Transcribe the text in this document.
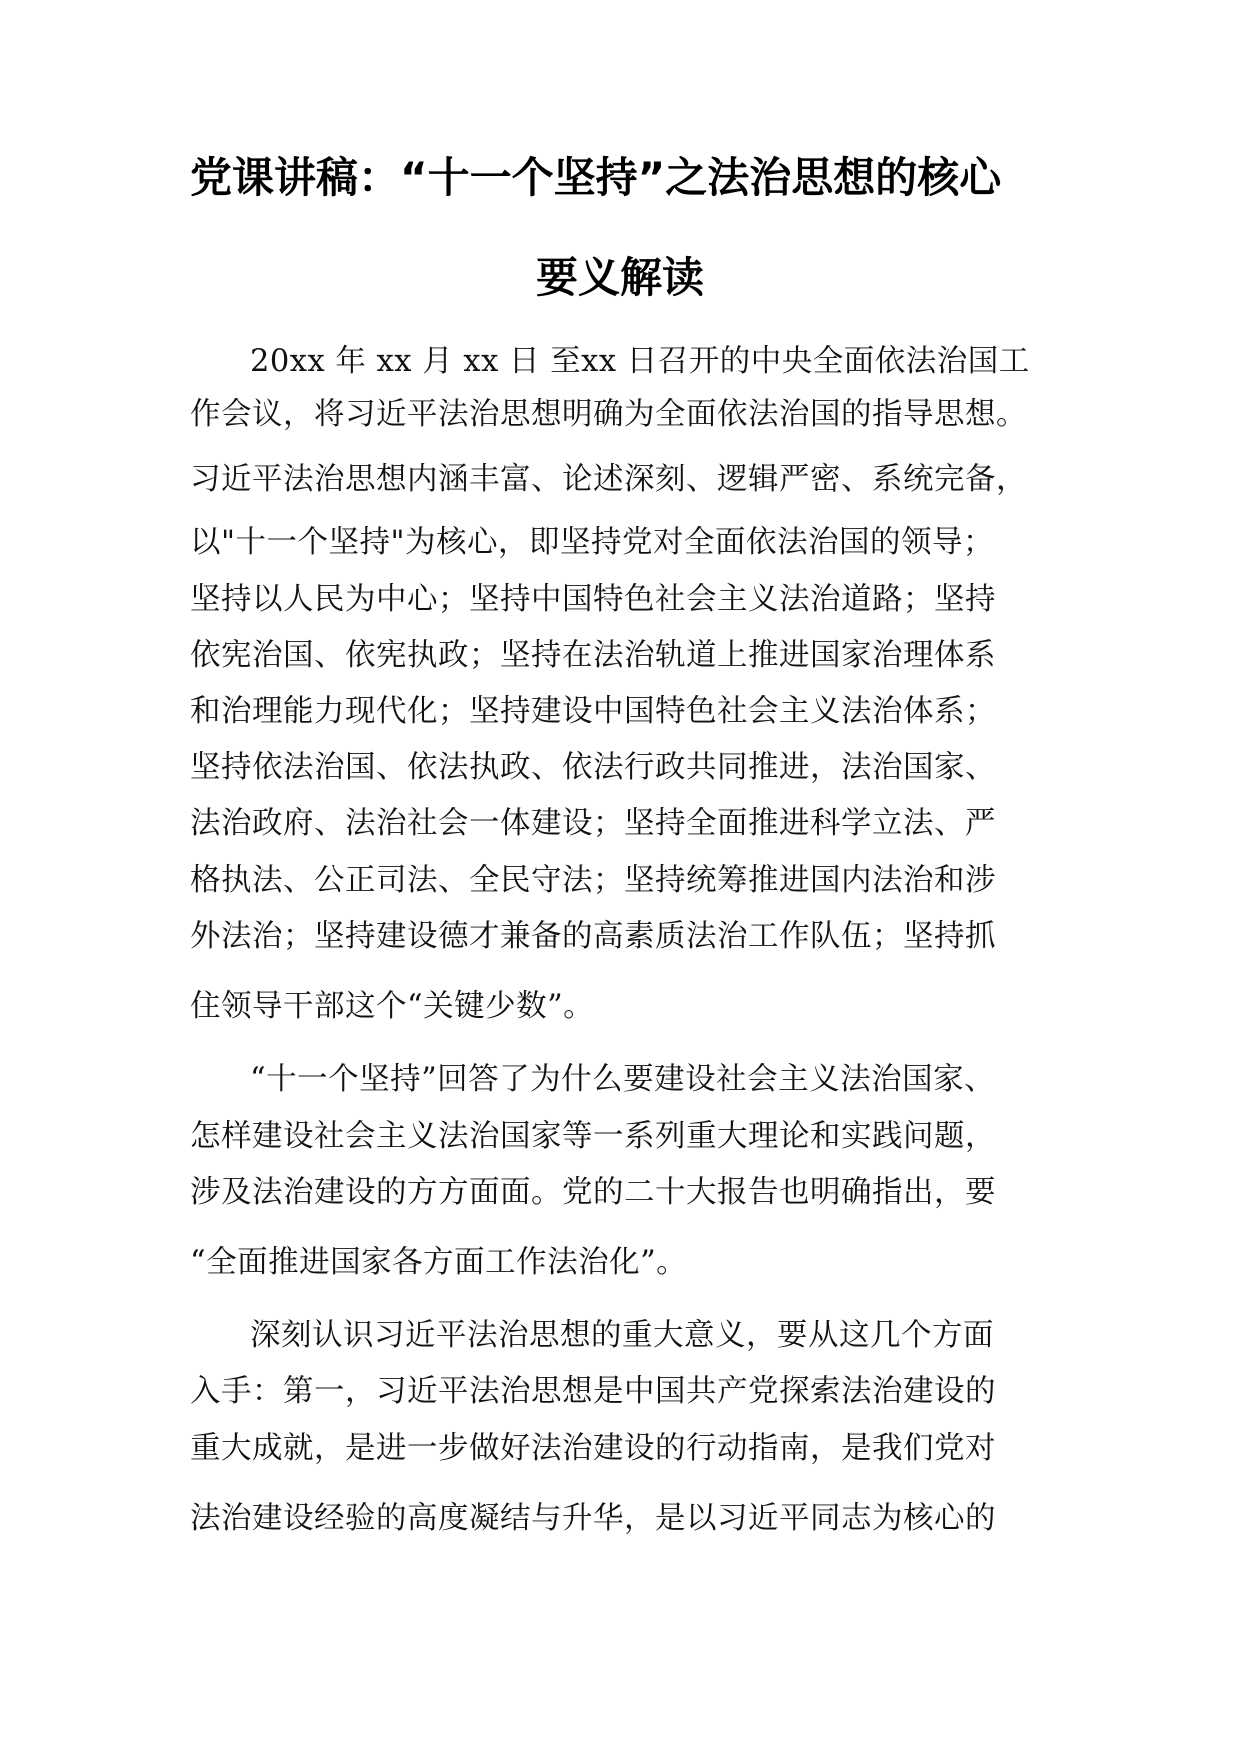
党课讲稿：“十一个坚持”之法治思想的核心
要义解读
20xx 年 xx 月 xx 日 至xx 日召开的中央全面依法治国工
作会议，将习近平法治思想明确为全面依法治国的指导思想。
习近平法治思想内涵丰富、论述深刻、逻辑严密、系统完备，
以"十一个坚持"为核心，即坚持党对全面依法治国的领导；
坚持以人民为中心；坚持中国特色社会主义法治道路；坚持
依宪治国、依宪执政；坚持在法治轨道上推进国家治理体系
和治理能力现代化；坚持建设中国特色社会主义法治体系；
坚持依法治国、依法执政、依法行政共同推进，法治国家、
法治政府、法治社会一体建设；坚持全面推进科学立法、严
格执法、公正司法、全民守法；坚持统筹推进国内法治和涉
外法治；坚持建设德才兼备的高素质法治工作队伍；坚持抓
住领导干部这个“关键少数”。
“十一个坚持”回答了为什么要建设社会主义法治国家、
怎样建设社会主义法治国家等一系列重大理论和实践问题，
涉及法治建设的方方面面。党的二十大报告也明确指出，要
“全面推进国家各方面工作法治化”。
深刻认识习近平法治思想的重大意义，要从这几个方面
入手：第一，习近平法治思想是中国共产党探索法治建设的
重大成就，是进一步做好法治建设的行动指南，是我们党对
法治建设经验的高度凝结与升华，是以习近平同志为核心的
